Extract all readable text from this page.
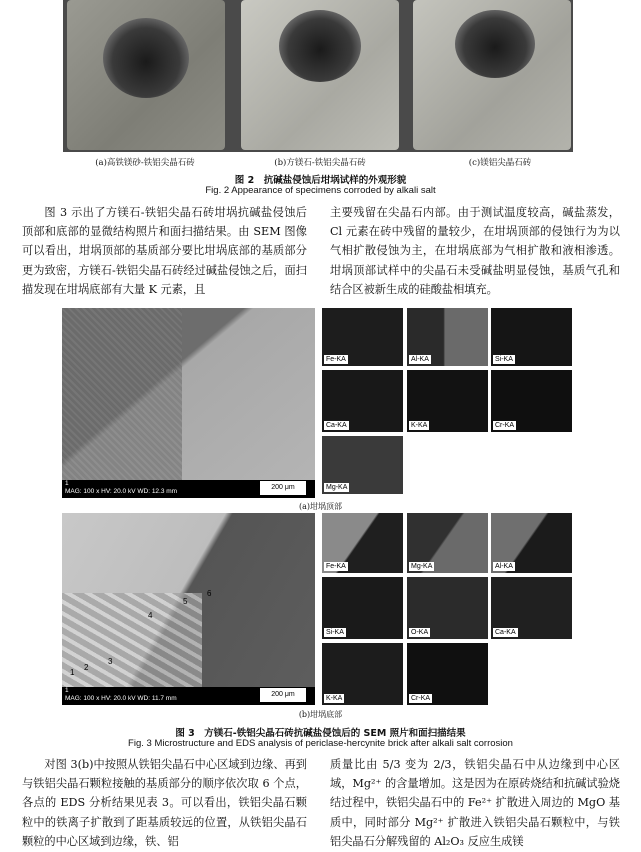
(a)高铁镁砂-铁铝尖晶石砖	(b)方镁石-铁铝尖晶石砖	(c)镁铝尖晶石砖
图 2　抗碱盐侵蚀后坩埚试样的外观形貌
Fig. 2 Appearance of specimens corroded by alkali salt
图 3 示出了方镁石-铁铝尖晶石砖坩埚抗碱盐侵蚀后顶部和底部的显微结构照片和面扫描结果。由 SEM 图像可以看出，坩埚顶部的基质部分要比坩埚底部的基质部分更为致密，方镁石-铁铝尖晶石砖经过碱盐侵蚀之后，面扫描发现在坩埚底部有大量 K 元素，且
主要残留在尖晶石内部。由于测试温度较高，碱盐蒸发，Cl 元素在砖中残留的量较少，在坩埚顶部的侵蚀行为为以气相扩散侵蚀为主，在坩埚底部为气相扩散和液相渗透。坩埚顶部试样中的尖晶石未受碱盐明显侵蚀，基质气孔和结合区被新生成的硅酸盐相填充。
1
MAG: 100 x HV: 20.0 kV WD: 12.3 mm
200 μm
Fe-KA	Al-KA	Si-KA
Ca-KA	K-KA	Cr-KA
Mg-KA
(a)坩埚顶部
1
2
3
4
5
6
1
MAG: 100 x HV: 20.0 kV WD: 11.7 mm
200 μm
Fe-KA	Mg-KA	Al-KA
Si-KA	O-KA	Ca-KA
K-KA	Cr-KA
(b)坩埚底部
图 3　方镁石-铁铝尖晶石砖抗碱盐侵蚀后的 SEM 照片和面扫描结果
Fig. 3 Microstructure and EDS analysis of periclase-hercynite brick after alkali salt corrosion
对图 3(b)中按照从铁铝尖晶石中心区域到边缘、再到与铁铝尖晶石颗粒接触的基质部分的顺序依次取 6 个点，各点的 EDS 分析结果见表 3。可以看出，铁铝尖晶石颗粒中的铁离子扩散到了距基质较远的位置，从铁铝尖晶石颗粒的中心区域到边缘，铁、铝
质量比由 5/3 变为 2/3，铁铝尖晶石中从边缘到中心区域，Mg²⁺ 的含量增加。这是因为在原砖烧结和抗碱试验烧结过程中，铁铝尖晶石中的 Fe²⁺ 扩散进入周边的 MgO 基质中，同时部分 Mg²⁺ 扩散进入铁铝尖晶石颗粒中，与铁铝尖晶石分解残留的 Al₂O₃ 反应生成镁
